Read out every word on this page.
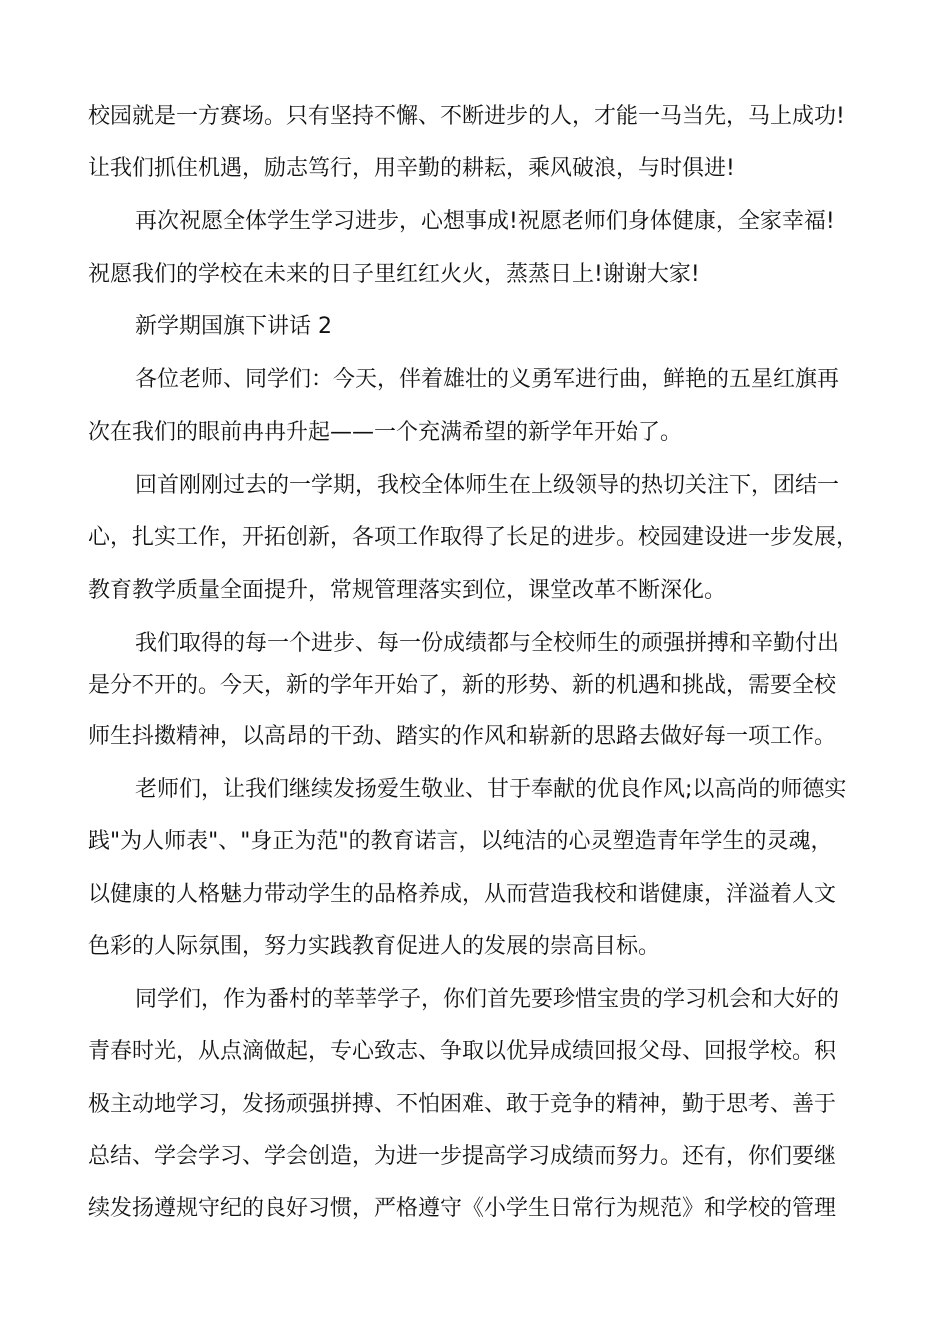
校园就是一方赛场。只有坚持不懈、不断进步的人，才能一马当先，马上成功!
让我们抓住机遇，励志笃行，用辛勤的耕耘，乘风破浪，与时俱进!
再次祝愿全体学生学习进步，心想事成!祝愿老师们身体健康，全家幸福!
祝愿我们的学校在未来的日子里红红火火，蒸蒸日上!谢谢大家!
新学期国旗下讲话 2
各位老师、同学们：今天，伴着雄壮的义勇军进行曲，鲜艳的五星红旗再
次在我们的眼前冉冉升起——一个充满希望的新学年开始了。
回首刚刚过去的一学期，我校全体师生在上级领导的热切关注下，团结一
心，扎实工作，开拓创新，各项工作取得了长足的进步。校园建设进一步发展，
教育教学质量全面提升，常规管理落实到位，课堂改革不断深化。
我们取得的每一个进步、每一份成绩都与全校师生的顽强拼搏和辛勤付出
是分不开的。今天，新的学年开始了，新的形势、新的机遇和挑战，需要全校
师生抖擞精神，以高昂的干劲、踏实的作风和崭新的思路去做好每一项工作。
老师们，让我们继续发扬爱生敬业、甘于奉献的优良作风;以高尚的师德实
践"为人师表"、"身正为范"的教育诺言，以纯洁的心灵塑造青年学生的灵魂，
以健康的人格魅力带动学生的品格养成，从而营造我校和谐健康，洋溢着人文
色彩的人际氛围，努力实践教育促进人的发展的崇高目标。
同学们，作为番村的莘莘学子，你们首先要珍惜宝贵的学习机会和大好的
青春时光，从点滴做起，专心致志、争取以优异成绩回报父母、回报学校。积
极主动地学习，发扬顽强拼搏、不怕困难、敢于竞争的精神，勤于思考、善于
总结、学会学习、学会创造，为进一步提高学习成绩而努力。还有，你们要继
续发扬遵规守纪的良好习惯，严格遵守《小学生日常行为规范》和学校的管理
